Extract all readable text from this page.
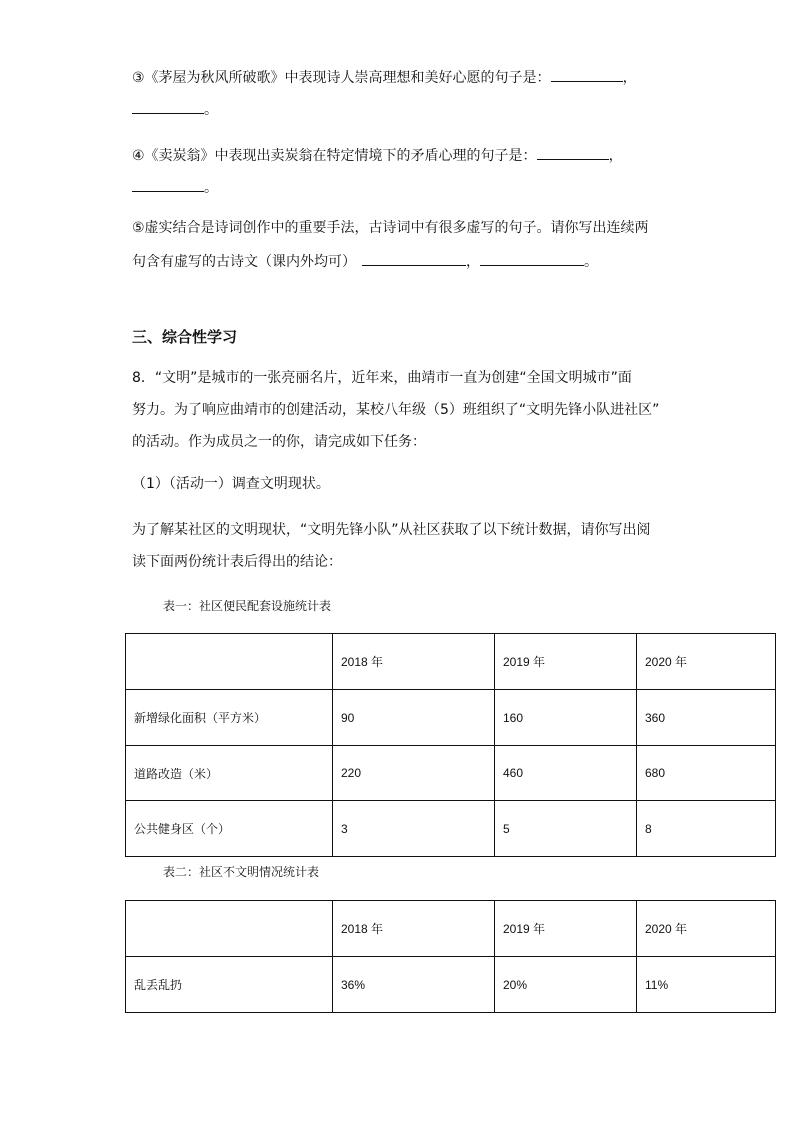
③《茅屋为秋风所破歌》中表现诗人崇高理想和美好心愿的句子是：	，
。
④《卖炭翁》中表现出卖炭翁在特定情境下的矛盾心理的句子是：	，
。
⑤虚实结合是诗词创作中的重要手法，古诗词中有很多虚写的句子。请你写出连续两
句含有虚写的古诗文（课内外均可）	，	。
三、综合性学习
8．“文明”是城市的一张亮丽名片，近年来，曲靖市一直为创建“全国文明城市”面
努力。为了响应曲靖市的创建活动，某校八年级（5）班组织了“文明先锋小队进社区”
的活动。作为成员之一的你，请完成如下任务：
（1）（活动一）调查文明现状。
为了解某社区的文明现状，“文明先锋小队”从社区获取了以下统计数据，请你写出阅
读下面两份统计表后得出的结论：
表一：社区便民配套设施统计表
	2018 年	2019 年	2020 年
新增绿化面积（平方米）	90	160	360
道路改造（米）	220	460	680
公共健身区（个）	3	5	8
表二：社区不文明情况统计表
	2018 年	2019 年	2020 年
乱丢乱扔	36%	20%	11%
